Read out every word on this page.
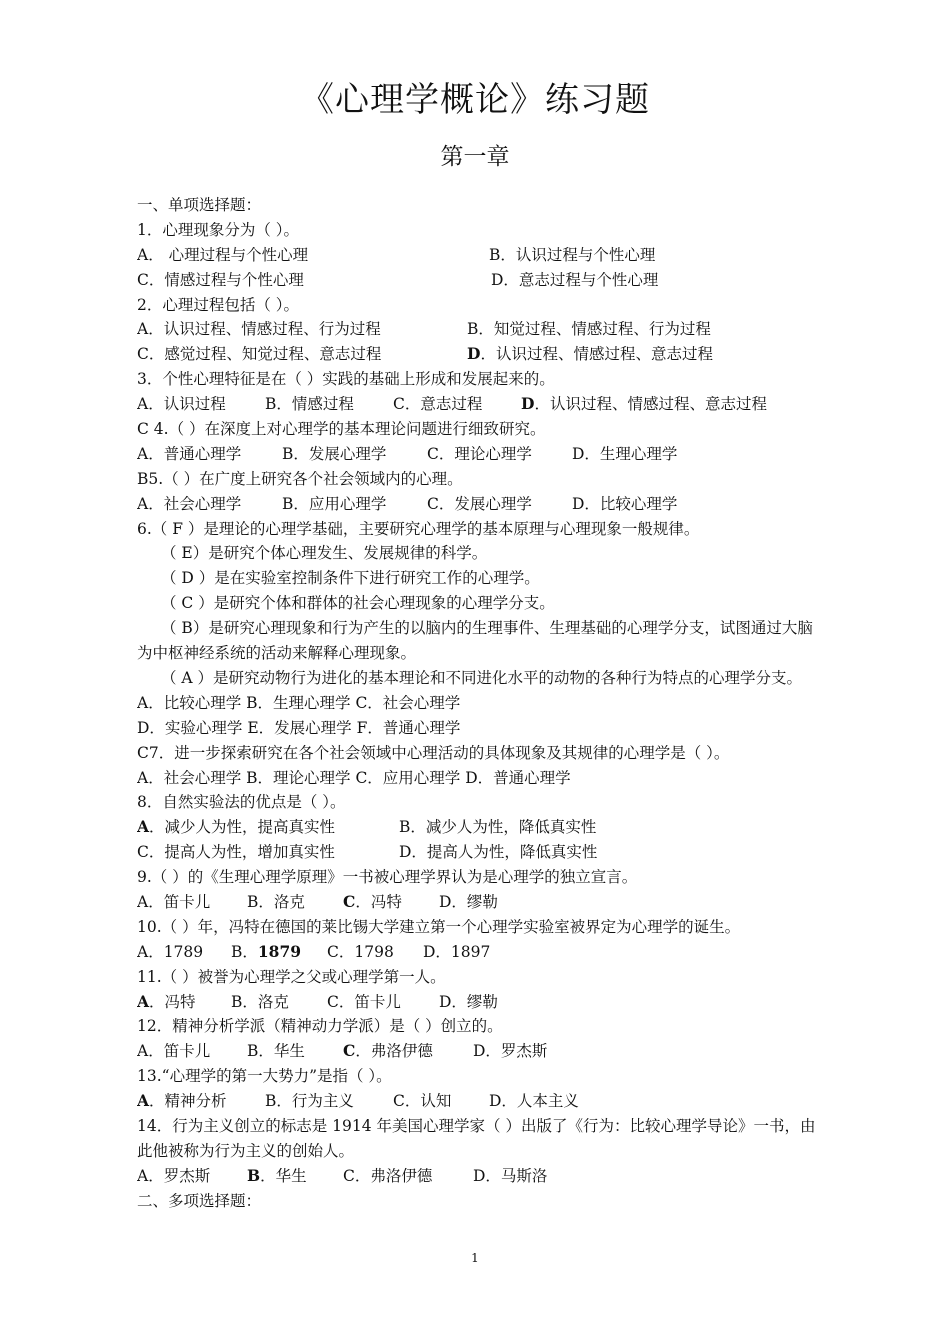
《心理学概论》练习题
第一章
一、单项选择题：
1．心理现象分为（ ）。
A． 心理过程与个性心理	B．认识过程与个性心理
C．情感过程与个性心理	D．意志过程与个性心理
2．心理过程包括（ ）。
A．认识过程、情感过程、行为过程	B．知觉过程、情感过程、行为过程
C．感觉过程、知觉过程、意志过程	D．认识过程、情感过程、意志过程
3．个性心理特征是在（ ）实践的基础上形成和发展起来的。
A．认识过程	B．情感过程	C．意志过程 D．认识过程、情感过程、意志过程
C 4.（ ）在深度上对心理学的基本理论问题进行细致研究。
A．普通心理学	B．发展心理学	C．理论心理学	D．生理心理学
B5.（ ）在广度上研究各个社会领域内的心理。
A．社会心理学	B．应用心理学	C．发展心理学	D．比较心理学
6.（ F ）是理论的心理学基础，主要研究心理学的基本原理与心理现象一般规律。
（ E）是研究个体心理发生、发展规律的科学。
（ D ）是在实验室控制条件下进行研究工作的心理学。
（ C ）是研究个体和群体的社会心理现象的心理学分支。
（ B）是研究心理现象和行为产生的以脑内的生理事件、生理基础的心理学分支，试图通过大脑为中枢神经系统的活动来解释心理现象。
（ A ）是研究动物行为进化的基本理论和不同进化水平的动物的各种行为特点的心理学分支。
A．比较心理学 B．生理心理学 C．社会心理学
D．实验心理学 E．发展心理学 F．普通心理学
C7．进一步探索研究在各个社会领域中心理活动的具体现象及其规律的心理学是（ ）。
A．社会心理学 B．理论心理学 C．应用心理学 D．普通心理学
8．自然实验法的优点是（ ）。
A．减少人为性，提高真实性	B．减少人为性，降低真实性
C．提高人为性，增加真实性	D．提高人为性，降低真实性
9.（ ）的《生理心理学原理》一书被心理学界认为是心理学的独立宣言。
A．笛卡儿 B．洛克 C．冯特 D．缪勒
10.（ ）年，冯特在德国的莱比锡大学建立第一个心理学实验室被界定为心理学的诞生。
A．1789 B．1879 C．1798 D．1897
11.（ ）被誉为心理学之父或心理学第一人。
A．冯特 B．洛克 C．笛卡儿 D．缪勒
12．精神分析学派（精神动力学派）是（ ）创立的。
A．笛卡儿 B．华生 C．弗洛伊德	D．罗杰斯
13.“心理学的第一大势力”是指（ ）。
A．精神分析 B．行为主义	C．认知 D．人本主义
14．行为主义创立的标志是 1914 年美国心理学家（ ）出版了《行为：比较心理学导论》一书，由此他被称为行为主义的创始人。
A．罗杰斯 B．华生 C．弗洛伊德	D．马斯洛
二、多项选择题：
1
